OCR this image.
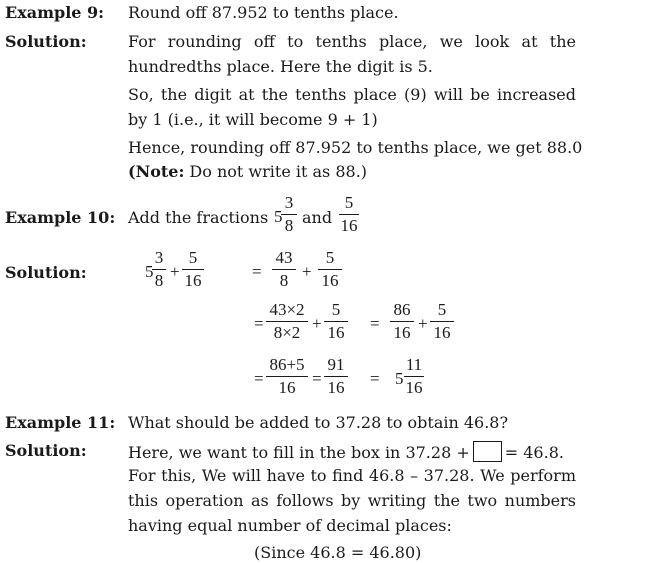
Example 9: Round off 87.952 to tenths place.
Solution:	For rounding off to tenths place, we look at the
hundredths place. Here the digit is 5.
So, the digit at the tenths place (9) will be increased
by 1 (i.e., it will become 9 + 1)
Hence, rounding off 87.952 to tenths place, we get 88.0
(Note: Do not write it as 88.)
Example 10: Add the fractions 5
3
8 and
5
16
Solution:	5
3
8 +
5
16	=
43
8 +
5
16
=
43×2
8×2 +
5
16 =
86
16 +
5
16
=
86+5
16 =
91
16 = 5
11
16
Example 11: What should be added to 37.28 to obtain 46.8?
Solution:	Here, we want to fill in the box in 37.28 + = 46.8.
For this, We will have to find 46.8 – 37.28. We perform
this operation as follows by writing the two numbers
having equal number of decimal places:
(Since 46.8 = 46.80)
